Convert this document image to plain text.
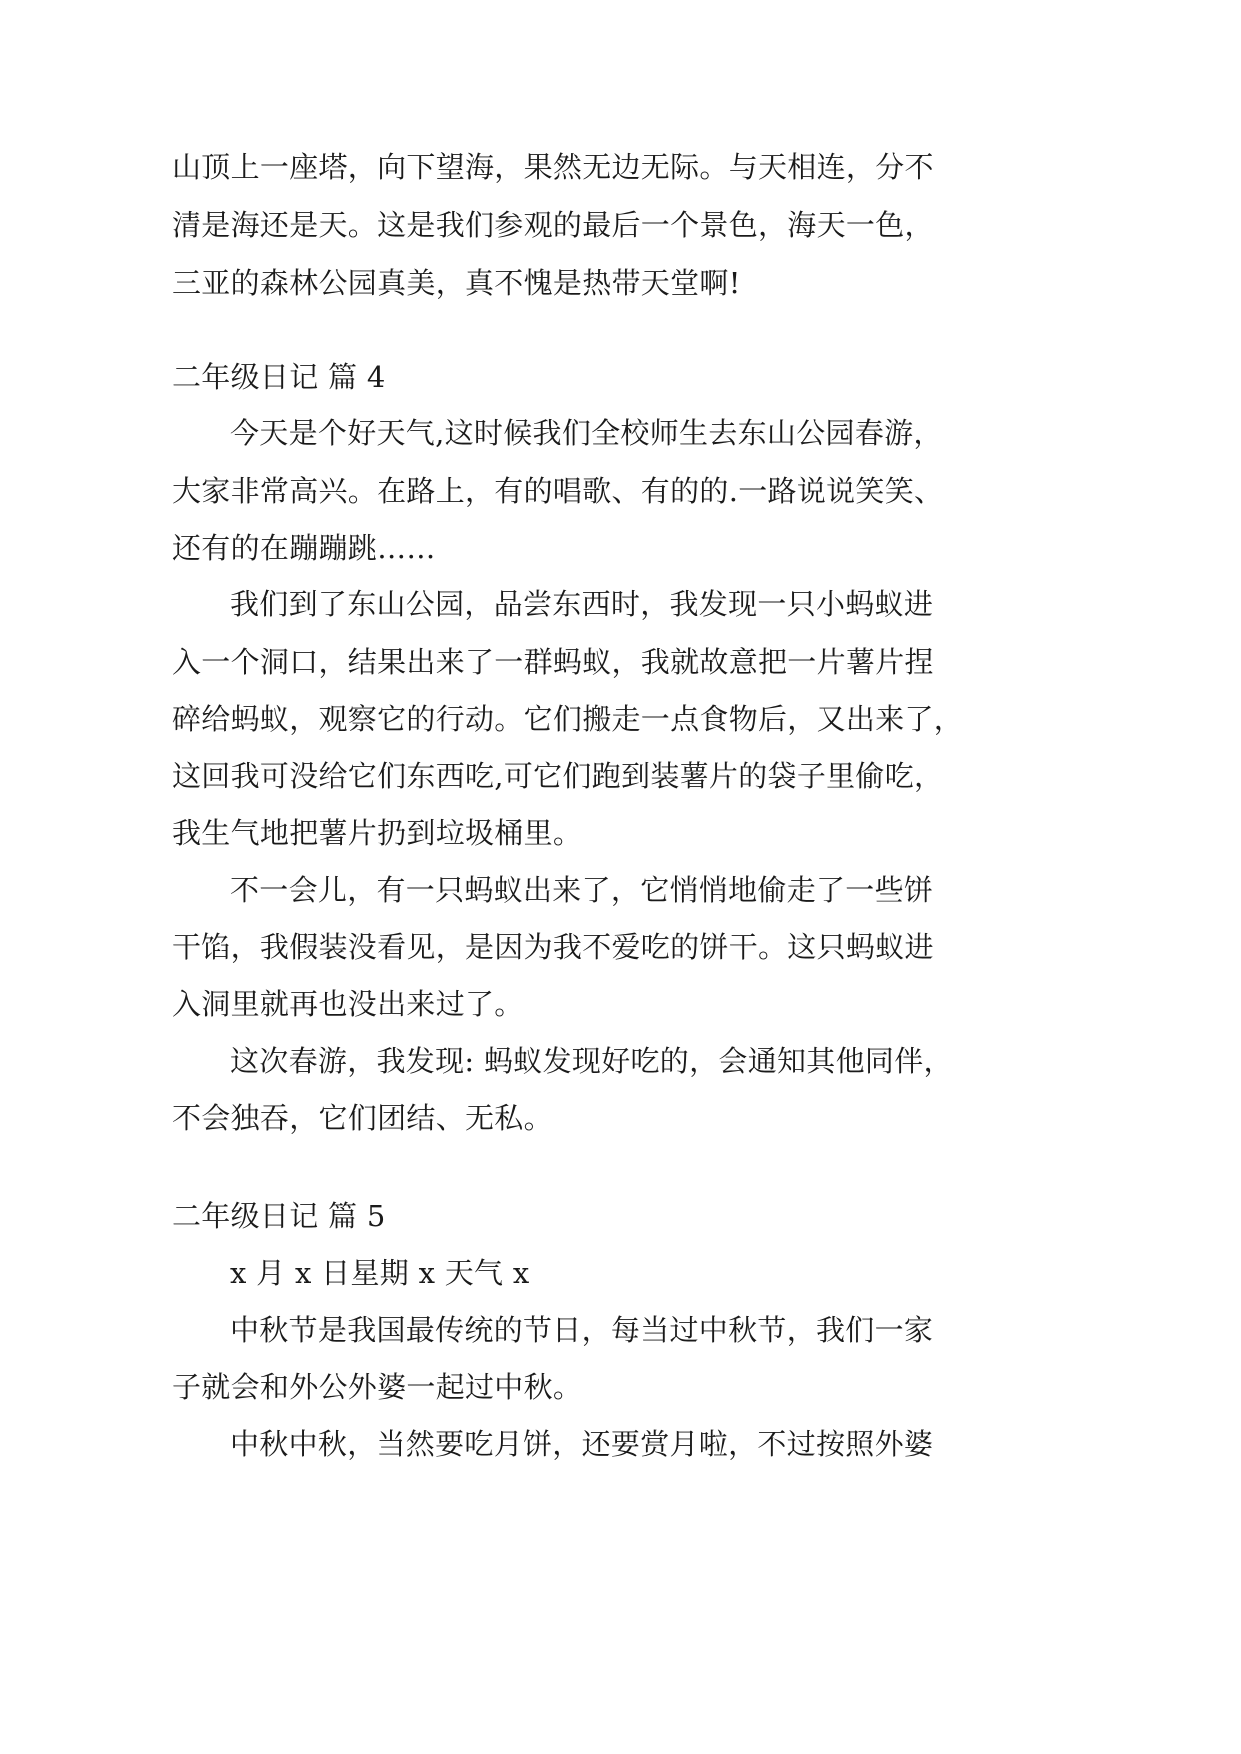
山顶上一座塔，向下望海，果然无边无际。与天相连，分不
清是海还是天。这是我们参观的最后一个景色，海天一色，
三亚的森林公园真美，真不愧是热带天堂啊!
二年级日记 篇 4
今天是个好天气,这时候我们全校师生去东山公园春游，
大家非常高兴。在路上，有的唱歌、有的的.一路说说笑笑、
还有的在蹦蹦跳……
我们到了东山公园，品尝东西时，我发现一只小蚂蚁进
入一个洞口，结果出来了一群蚂蚁，我就故意把一片薯片捏
碎给蚂蚁，观察它的行动。它们搬走一点食物后，又出来了，
这回我可没给它们东西吃,可它们跑到装薯片的袋子里偷吃，
我生气地把薯片扔到垃圾桶里。
不一会儿，有一只蚂蚁出来了，它悄悄地偷走了一些饼
干馅，我假装没看见，是因为我不爱吃的饼干。这只蚂蚁进
入洞里就再也没出来过了。
这次春游，我发现: 蚂蚁发现好吃的，会通知其他同伴，
不会独吞，它们团结、无私。
二年级日记 篇 5
x 月 x 日星期 x 天气 x
中秋节是我国最传统的节日，每当过中秋节，我们一家
子就会和外公外婆一起过中秋。
中秋中秋，当然要吃月饼，还要赏月啦，不过按照外婆
